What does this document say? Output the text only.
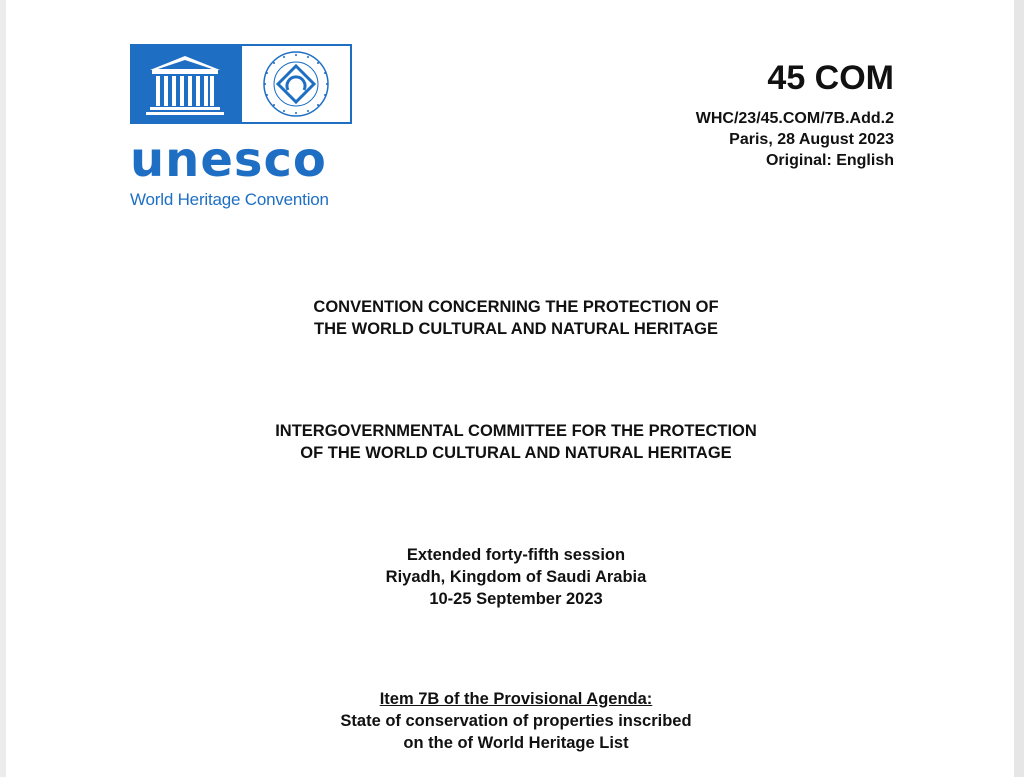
unesco
World Heritage Convention
45 COM
WHC/23/45.COM/7B.Add.2
Paris, 28 August 2023
Original: English
CONVENTION CONCERNING THE PROTECTION OF
THE WORLD CULTURAL AND NATURAL HERITAGE
INTERGOVERNMENTAL COMMITTEE FOR THE PROTECTION
OF THE WORLD CULTURAL AND NATURAL HERITAGE
Extended forty-fifth session
Riyadh, Kingdom of Saudi Arabia
10-25 September 2023
Item 7B of the Provisional Agenda:
State of conservation of properties inscribed
on the of World Heritage List
